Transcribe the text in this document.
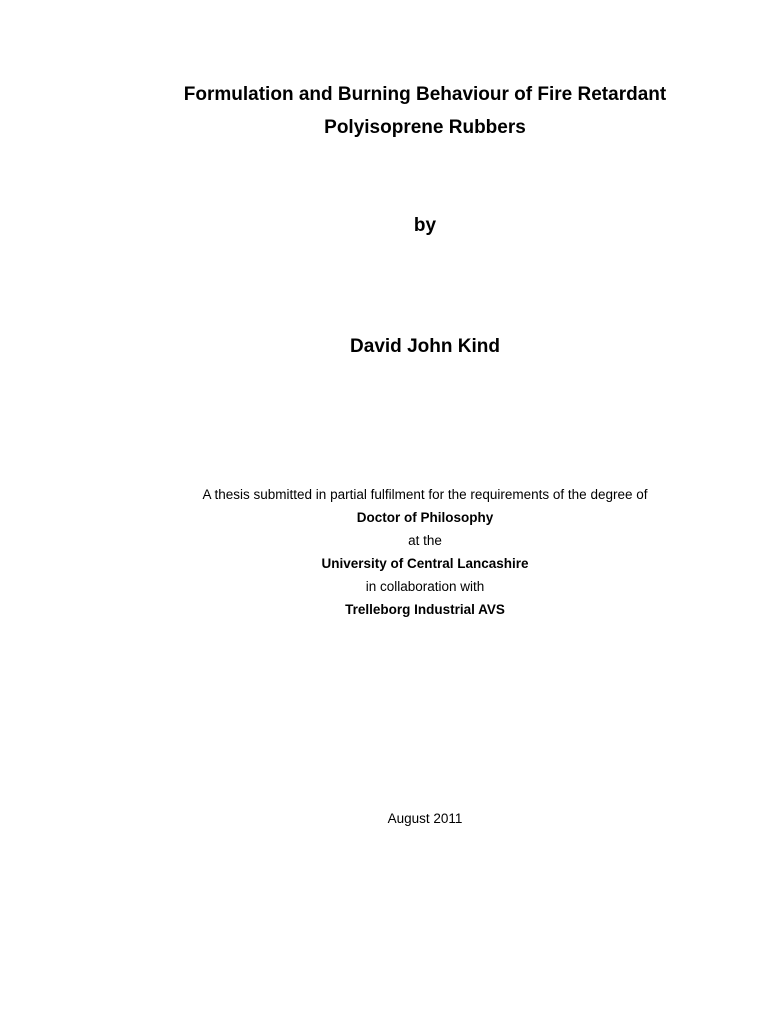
Formulation and Burning Behaviour of Fire Retardant
Polyisoprene Rubbers
by
David John Kind
A thesis submitted in partial fulfilment for the requirements of the degree of
Doctor of Philosophy
at the
University of Central Lancashire
in collaboration with
Trelleborg Industrial AVS
August 2011
